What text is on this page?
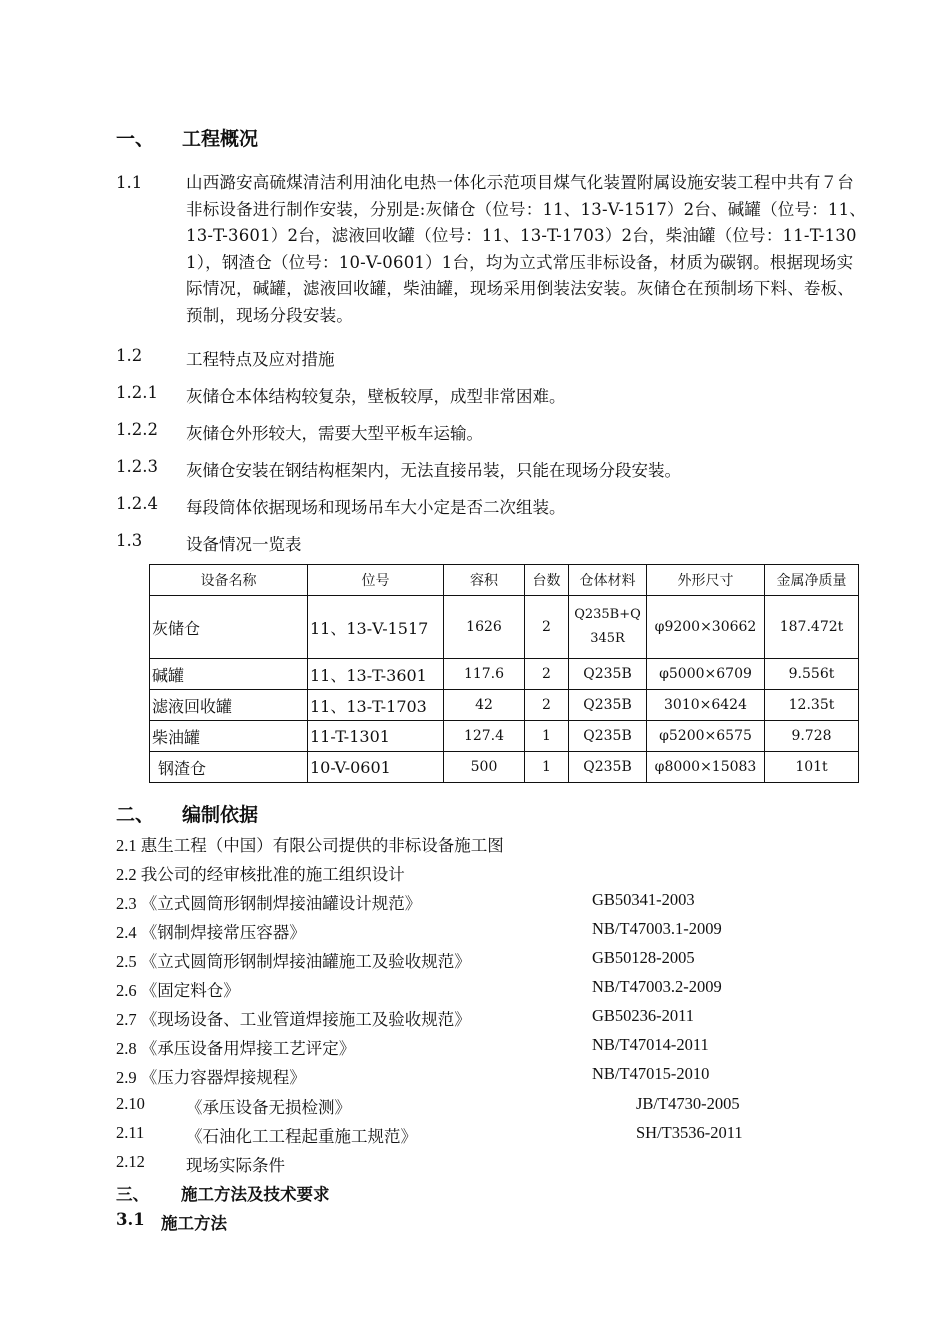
一、 工程概况
1.1	山西潞安高硫煤清洁利用油化电热一体化示范项目煤气化装置附属设施安装工程中共有７台非标设备进行制作安装，分别是:灰储仓（位号：11、13-V-1517）2台、碱罐（位号：11、13-T-3601）2台，滤液回收罐（位号：11、13-T-1703）2台，柴油罐（位号：11-T-1301），钢渣仓（位号：10-V-0601）1台，均为立式常压非标设备，材质为碳钢。根据现场实际情况，碱罐，滤液回收罐，柴油罐，现场采用倒装法安装。灰储仓在预制场下料、卷板、预制，现场分段安装。
1.2	工程特点及应对措施
1.2.1 灰储仓本体结构较复杂，壁板较厚，成型非常困难。
1.2.2 灰储仓外形较大，需要大型平板车运输。
1.2.3 灰储仓安装在钢结构框架内，无法直接吊装，只能在现场分段安装。
1.2.4 每段筒体依据现场和现场吊车大小定是否二次组装。
1.3	设备情况一览表
设备名称	位号	容积	台数	仓体材料	外形尺寸	金属净质量
灰储仓	11、13-V-1517	1626	2	Q235B+Q345R	φ9200×30662	187.472t
碱罐	11、13-T-3601	117.6	2	Q235B	φ5000×6709	9.556t
滤液回收罐	11、13-T-1703	42	2	Q235B	3010×6424	12.35t
柴油罐	11-T-1301	127.4	1	Q235B	φ5200×6575	9.728
钢渣仓	10-V-0601	500	1	Q235B	φ8000×15083	101t
二、 编制依据
2.1 惠生工程（中国）有限公司提供的非标设备施工图
2.2 我公司的经审核批准的施工组织设计
2.3 《立式圆筒形钢制焊接油罐设计规范》	GB50341-2003
2.4 《钢制焊接常压容器》	NB/T47003.1-2009
2.5 《立式圆筒形钢制焊接油罐施工及验收规范》	GB50128-2005
2.6 《固定料仓》	NB/T47003.2-2009
2.7 《现场设备、工业管道焊接施工及验收规范》	GB50236-2011
2.8 《承压设备用焊接工艺评定》	NB/T47014-2011
2.9 《压力容器焊接规程》	NB/T47015-2010
2.10 《承压设备无损检测》	JB/T4730-2005
2.11	《石油化工工程起重施工规范》	SH/T3536-2011
2.12 现场实际条件
三、 施工方法及技术要求
3.1 施工方法
